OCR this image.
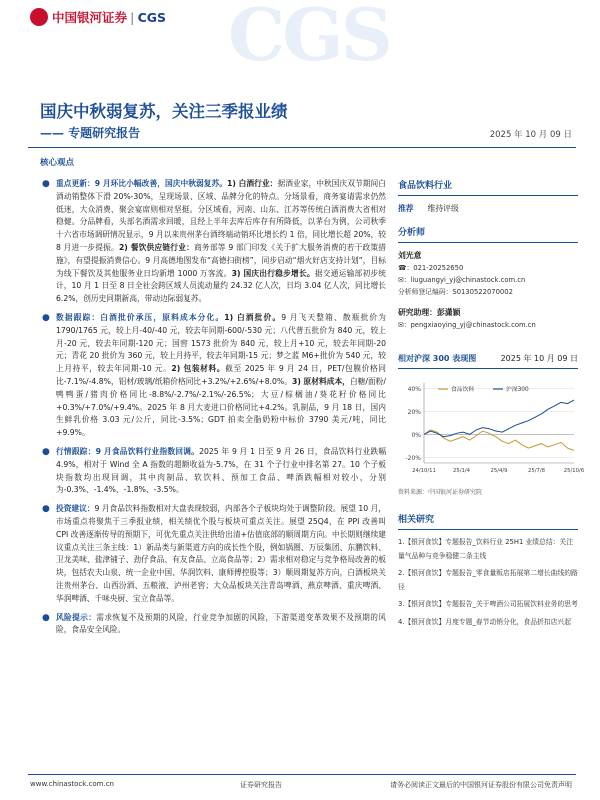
中国银河证券 | CGS CGS
国庆中秋弱复苏，关注三季报业绩
—— 专题研究报告	2025 年 10 月 09 日
核心观点

● 重点更新：9 月环比小幅改善，国庆中秋弱复苏。1) 白酒行业：据酒业家，中秋国庆双节期间白酒动销整体下滑 20%-30%，呈现场景、区域、品牌分化的特点。分场景看，商务宴请需求仍然低迷，大众消费、聚会宴席则相对坚挺。分区域看，河南、山东、江苏等传统白酒消费大省相对稳健。分品牌看，头部名酒需求回暖，且经上半年去库后库存有所降低，以茅台为例，公司秋季十六省市场调研情况显示，9 月以来贵州茅台酒终端动销环比增长约 1 倍，同比增长超 20%，较 8 月进一步提振。2) 餐饮供应链行业：商务部等 9 部门印发《关于扩大服务消费的若干政策措施》，有望提振消费信心。9 月高德地图发布“高德扫街榜”，同步启动“烟火好店支持计划”，目标为线下餐饮及其他服务业日均新增 1000 万客流。3) 国庆出行稳步增长。据交通运输部初步统计，10 月 1 日至 8 日全社会跨区域人员流动量约 24.32 亿人次，日均 3.04 亿人次，同比增长 6.2%，创历史同期新高，带动边际弱复苏。

● 数据跟踪：白酒批价承压，原料成本分化。1) 白酒批价。9 月飞天整箱、散瓶批价为 1790/1765 元，较上月-40/-40 元，较去年同期-600/-530 元；八代普五批价为 840 元，较上月-20 元，较去年同期-120 元；国窖 1573 批价为 840 元，较上月+10 元，较去年同期-20 元；青花 20 批价为 360 元，较上月持平，较去年同期-15 元；梦之蓝 M6+批价为 540 元，较上月持平，较去年同期-10 元。2) 包装材料。截至 2025 年 9 月 24 日，PET/包膜价格同比-7.1%/-4.8%，铝材/玻璃/纸箱价格同比+3.2%/+2.6%/+8.0%。3) 原材料成本，白糖/面粉/鸭鸭蛋/猪肉价格同比-8.8%/-2.7%/-2.1%/-26.5%；大豆/棕榈油/葵花籽价格同比+0.3%/+7.0%/+9.4%。2025 年 8 月大麦进口价格同比+4.2%。乳制品，9 月 18 日，国内生鲜乳价格 3.03 元/公斤，同比-3.5%；GDT 拍卖全脂奶粉中标价 3790 美元/吨，同比+9.9%。

● 行情跟踪：9 月食品饮料行业指数回调。2025 年 9 月 1 日至 9 月 26 日，食品饮料行业跌幅 4.9%，相对于 Wind 全 A 指数的超额收益为-5.7%，在 31 个子行业中排名第 27。10 个子板块指数均出现回调，其中肉制品、软饮料、预加工食品、啤酒跌幅相对较小，分别为-0.3%、-1.4%、-1.8%、-3.5%。

● 投资建议：9 月食品饮料指数相对大盘表现较弱，内部各个子板块均处于调整阶段。展望 10 月，市场重点将聚焦于三季报业绩，相关绩优个股与板块可重点关注。展望 25Q4，在 PPI 改善叫 CPI 改善逐渐传导的预期下，可优先重点关注供给出清+估值底部的顺周期方向。中长期则继续建议重点关注三条主线：1）新品类与新渠道方向的成长性个股，例如锅圈、万辰集团、东鹏饮料、卫龙美味、盐津铺子、劲仔食品、有友食品、立高食品等；2）需求相对稳定与竞争格局改善的板块，包括农夫山泉、统一企业中国、华润饮料、康师傅控股等；3）顺周期复苏方向，白酒板块关注贵州茅台、山西汾酒、五粮液、泸州老窖；大众品板块关注青岛啤酒、燕京啤酒、重庆啤酒、华润啤酒、千味央厨、宝立食品等。

● 风险提示：需求恢复不及预期的风险，行业竞争加剧的风险，下游渠道变革效果不及预期的风险，食品安全风险。

食品饮料行业
推荐 维持评级
分析师
刘光意
☎：021-20252650
✉：liuguangyi_yj@chinastock.com.cn
分析师登记编码：S0130522070002
研究助理：彭潇颖
✉：pengxiaoying_yj@chinastock.com.cn
相对沪深 300 表现图	2025 年 10 月 09 日
40%
20%
0%
-20%
24/10/11	25/1/4	25/4/9	25/7/8	25/10/6
食品饮料	沪深300
资料来源：中国银河证券研究院
相关研究
1.【银河食饮】专题报告_饮料行业 25H1 业绩总结：关注量气品种与竞争稳健二条主线
2.【银河食饮】专题报告_零食量贩店拓展第二增长曲线的路径
3.【银河食饮】专题报告_关于啤酒公司拓展饮料业务的思考
4.【银河食饮】月度专题_春节动销分化，食品折扣店兴起
www.chinastock.com.cn	证券研究报告	请务必阅读正文最后的中国银河证券股份有限公司免责声明
